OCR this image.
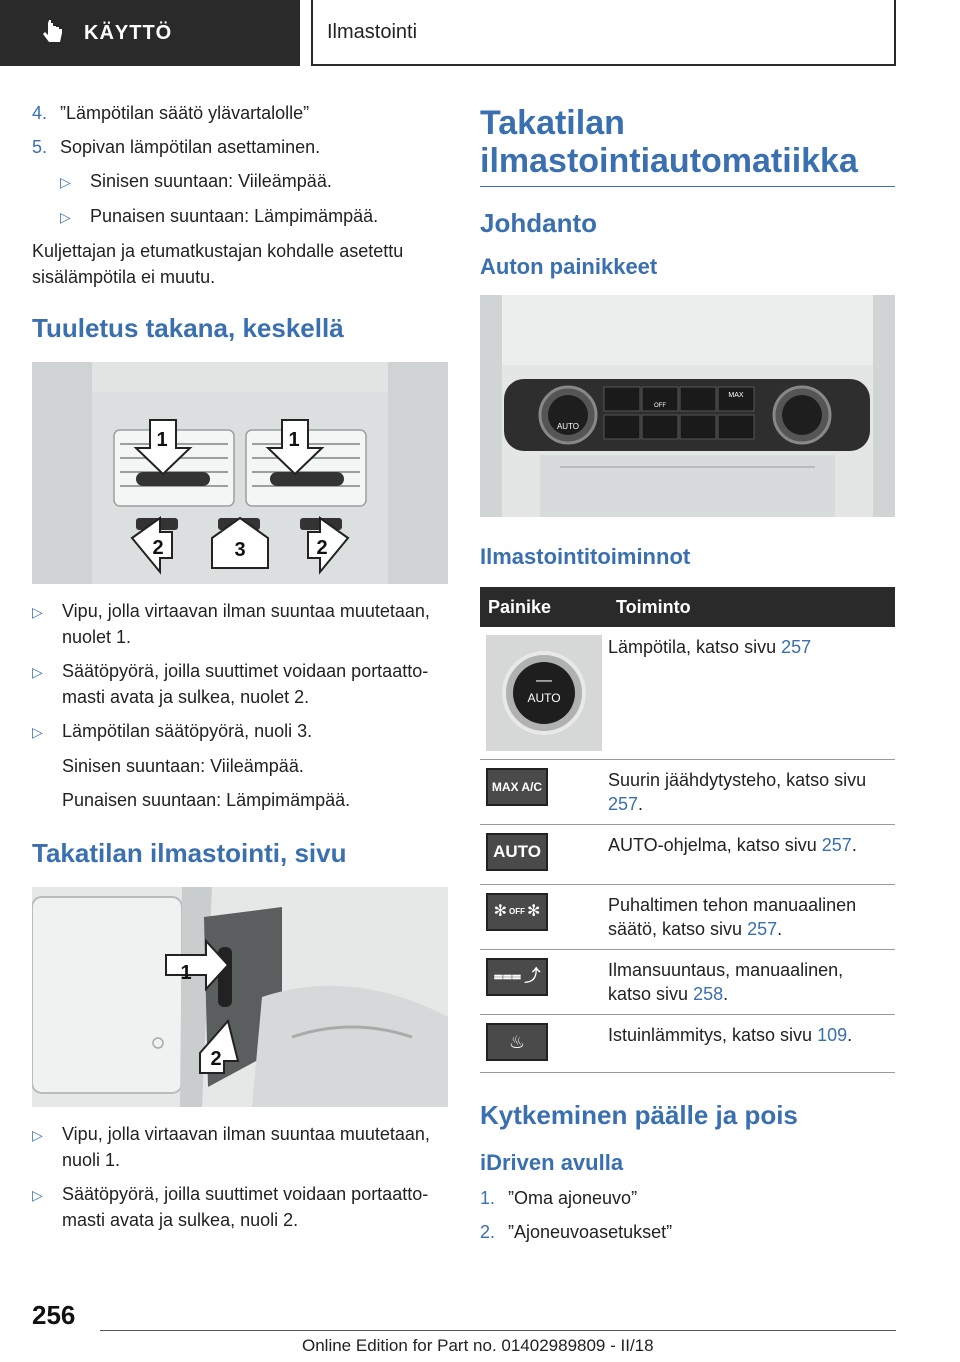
KÄYTTÖ	Ilmastointi
4. ”Lämpötilan säätö ylävartalolle”
5. Sopivan lämpötilan asettaminen.
▷	Sinisen suuntaan: Viileämpää.
▷	Punaisen suuntaan: Lämpimämpää.
Kuljettajan ja etumatkustajan kohdalle asetettu sisälämpötila ei muutu.
Tuuletus takana, keskellä
1	1
2	3	2
▷	Vipu, jolla virtaavan ilman suuntaa muutetaan, nuolet 1.
▷	Säätöpyörä, joilla suuttimet voidaan portaattomasti avata ja sulkea, nuolet 2.
▷	Lämpötilan säätöpyörä, nuoli 3.
Sinisen suuntaan: Viileämpää.
Punaisen suuntaan: Lämpimämpää.
Takatilan ilmastointi, sivu
1
2
▷	Vipu, jolla virtaavan ilman suuntaa muutetaan, nuoli 1.
▷	Säätöpyörä, joilla suuttimet voidaan portaattomasti avata ja sulkea, nuoli 2.
Takatilan ilmastointiautomatiikka
Johdanto
Auton painikkeet
AUTO
MAX
OFF
Ilmastointitoiminnot
Painike	Toiminto

—
AUTO	Lämpötila, katso sivu 257

MAX A/C	Suurin jäähdytysteho, katso sivu 257.

AUTO	AUTO-ohjelma, katso sivu 257.

✻ OFF ✻	Puhaltimen tehon manuaalinen säätö, katso sivu 257.

⩶ ⤴	Ilmansuuntaus, manuaalinen, katso sivu 258.

♨	Istuinlämmitys, katso sivu 109.
Kytkeminen päälle ja pois
iDriven avulla
1. ”Oma ajoneuvo”
2. ”Ajoneuvoasetukset”
256
Online Edition for Part no. 01402989809 - II/18
